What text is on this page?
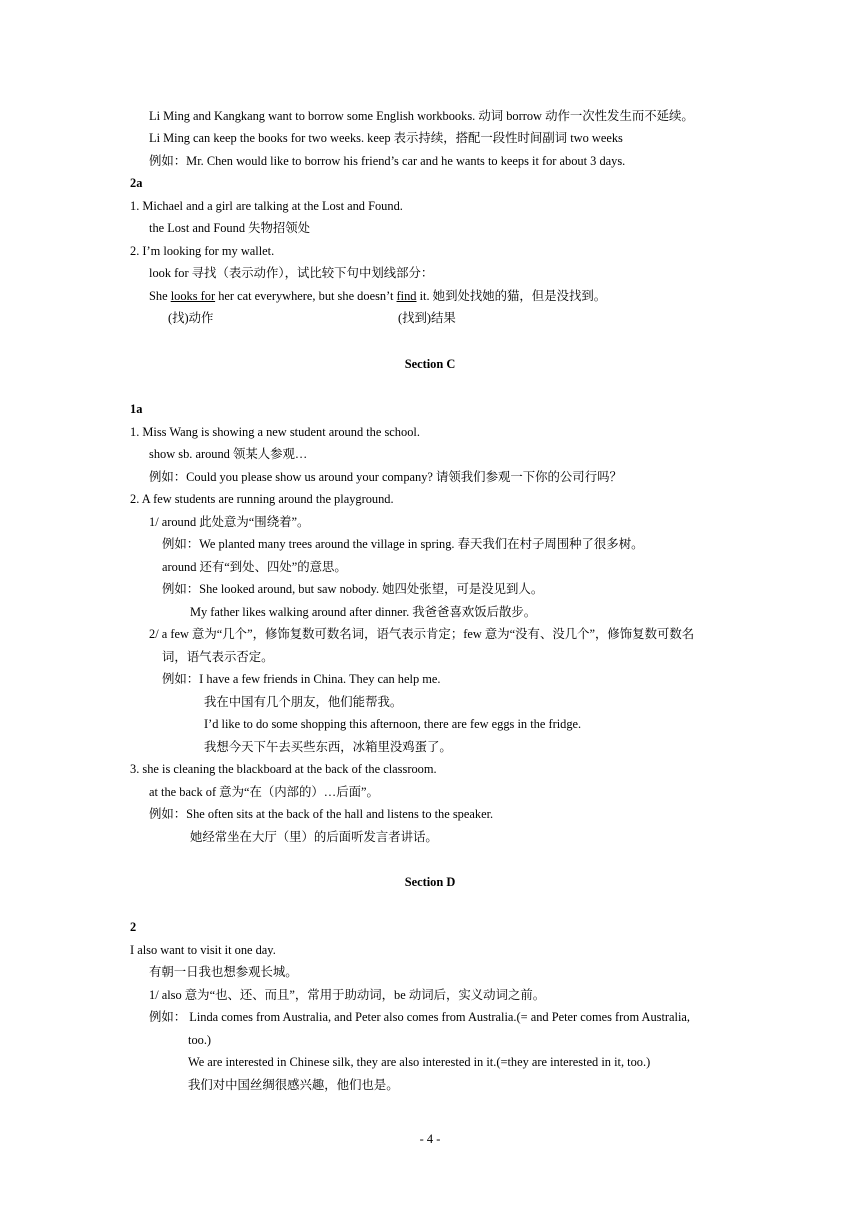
Li Ming and Kangkang want to borrow some English workbooks. 动词 borrow 动作一次性发生而不延续。
Li Ming can keep the books for two weeks. keep 表示持续，搭配一段性时间副词 two weeks
例如：Mr. Chen would like to borrow his friend’s car and he wants to keeps it for about 3 days.
2a
1. Michael and a girl are talking at the Lost and Found.
the Lost and Found 失物招领处
2. I’m looking for my wallet.
look for 寻找（表示动作），试比较下句中划线部分：
She looks for her cat everywhere, but she doesn’t find it. 她到处找她的猫，但是没找到。
(找)动作	(找到)结果
Section C
1a
1. Miss Wang is showing a new student around the school.
show sb. around 领某人参观…
例如：Could you please show us around your company? 请领我们参观一下你的公司行吗？
2. A few students are running around the playground.
1/ around 此处意为“围绕着”。
例如：We planted many trees around the village in spring. 春天我们在村子周围种了很多树。
around 还有“到处、四处”的意思。
例如：She looked around, but saw nobody. 她四处张望，可是没见到人。
My father likes walking around after dinner. 我爸爸喜欢饭后散步。
2/ a few 意为“几个”，修饰复数可数名词，语气表示肯定；few 意为“没有、没几个”，修饰复数可数名
词，语气表示否定。
例如：I have a few friends in China. They can help me.
我在中国有几个朋友，他们能帮我。
I’d like to do some shopping this afternoon, there are few eggs in the fridge.
我想今天下午去买些东西，冰箱里没鸡蛋了。
3. she is cleaning the blackboard at the back of the classroom.
at the back of 意为“在（内部的）…后面”。
例如：She often sits at the back of the hall and listens to the speaker.
她经常坐在大厅（里）的后面听发言者讲话。
Section D
2
I also want to visit it one day.
有朝一日我也想参观长城。
1/ also 意为“也、还、而且”，常用于助动词，be 动词后，实义动词之前。
例如： Linda comes from Australia, and Peter also comes from Australia.(= and Peter comes from Australia,
too.)
We are interested in Chinese silk, they are also interested in it.(=they are interested in it, too.)
我们对中国丝绸很感兴趣，他们也是。
- 4 -
